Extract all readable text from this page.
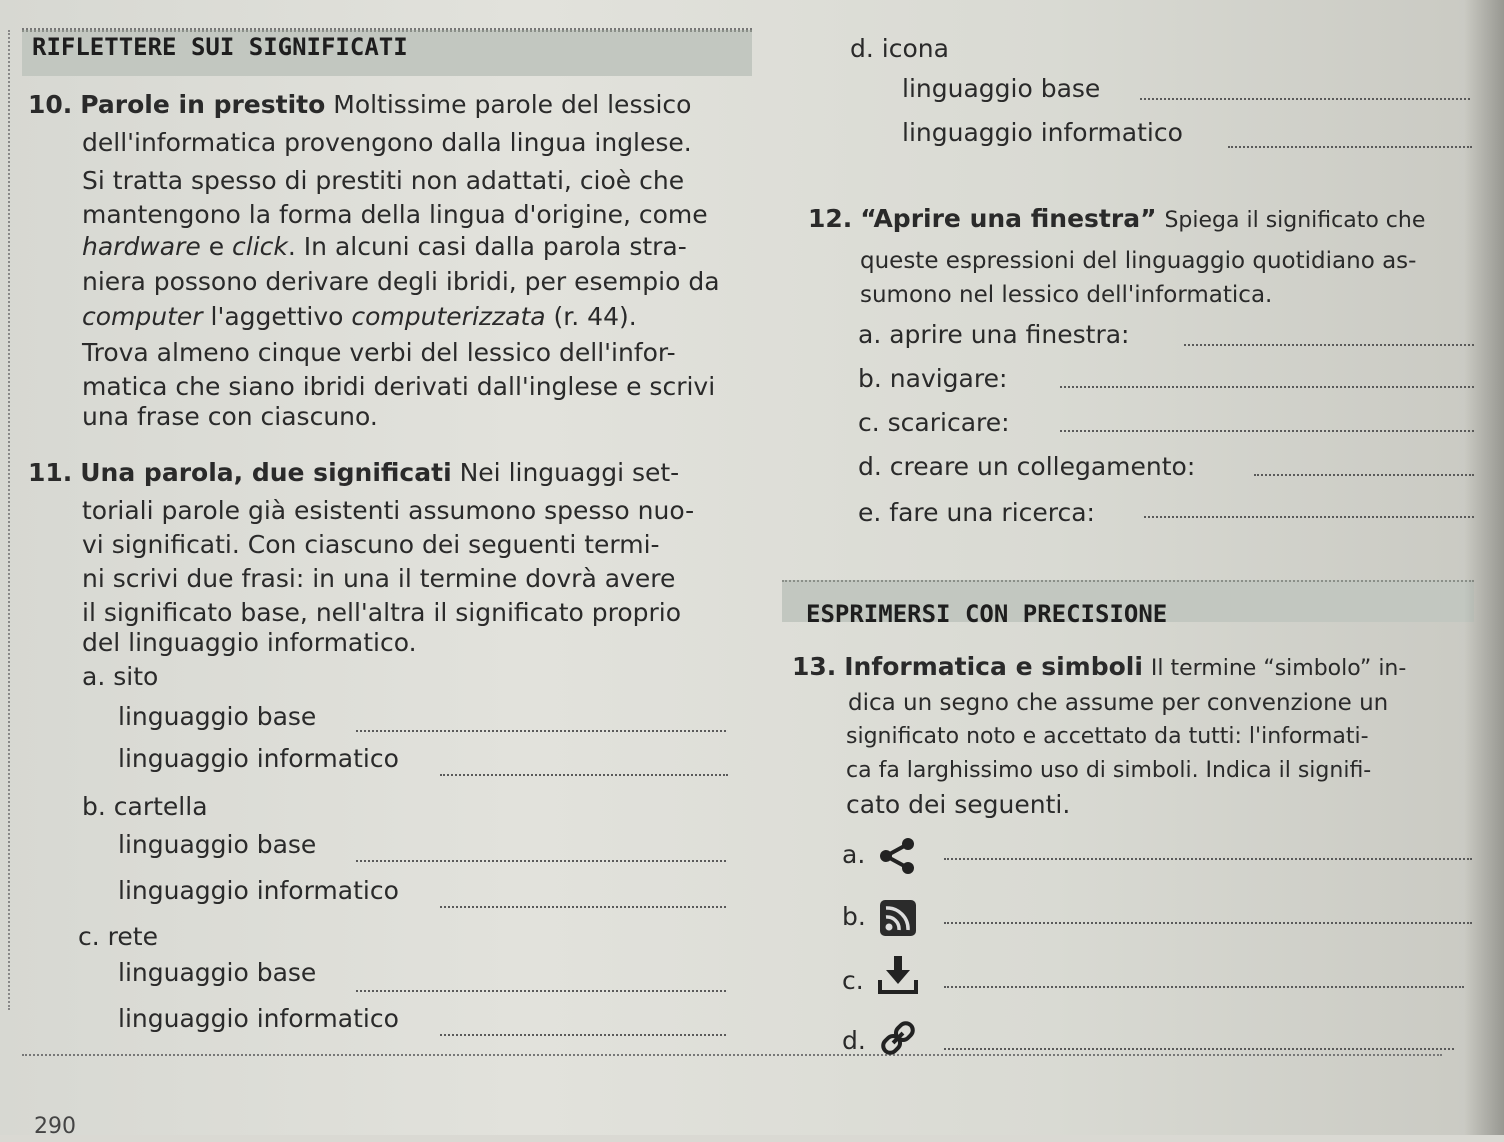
RIFLETTERE SUI SIGNIFICATI
10. Parole in prestito Moltissime parole del lessico
dell'informatica provengono dalla lingua inglese.
Si tratta spesso di prestiti non adattati, cioè che
mantengono la forma della lingua d'origine, come
hardware e click. In alcuni casi dalla parola stra-
niera possono derivare degli ibridi, per esempio da
computer l'aggettivo computerizzata (r. 44).
Trova almeno cinque verbi del lessico dell'infor-
matica che siano ibridi derivati dall'inglese e scrivi
una frase con ciascuno.
11. Una parola, due significati Nei linguaggi set-
toriali parole già esistenti assumono spesso nuo-
vi significati. Con ciascuno dei seguenti termi-
ni scrivi due frasi: in una il termine dovrà avere
il significato base, nell'altra il significato proprio
del linguaggio informatico.
a. sito
linguaggio base
linguaggio informatico
b. cartella
linguaggio base
linguaggio informatico
c. rete
linguaggio base
linguaggio informatico
290
d. icona
linguaggio base
linguaggio informatico
12. “Aprire una finestra” Spiega il significato che
queste espressioni del linguaggio quotidiano as-
sumono nel lessico dell'informatica.
a. aprire una finestra:
b. navigare:
c. scaricare:
d. creare un collegamento:
e. fare una ricerca:
ESPRIMERSI CON PRECISIONE
13. Informatica e simboli Il termine “simbolo” in-
dica un segno che assume per convenzione un
significato noto e accettato da tutti: l'informati-
ca fa larghissimo uso di simboli. Indica il signifi-
cato dei seguenti.
a.
b.
c.
d.
